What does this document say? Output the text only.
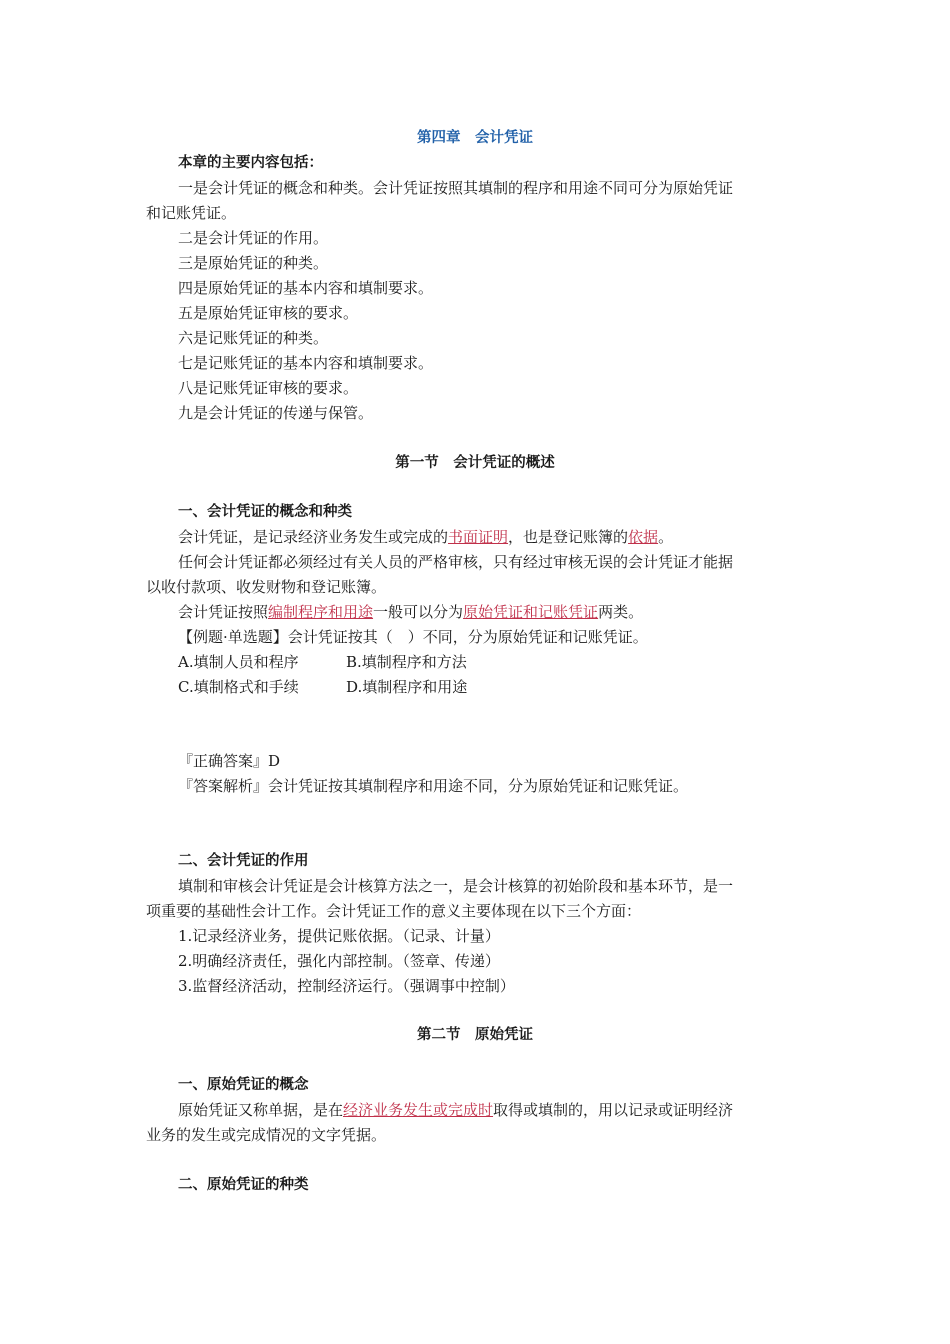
第四章　会计凭证
本章的主要内容包括：
一是会计凭证的概念和种类。会计凭证按照其填制的程序和用途不同可分为原始凭证
和记账凭证。
二是会计凭证的作用。
三是原始凭证的种类。
四是原始凭证的基本内容和填制要求。
五是原始凭证审核的要求。
六是记账凭证的种类。
七是记账凭证的基本内容和填制要求。
八是记账凭证审核的要求。
九是会计凭证的传递与保管。
第一节　会计凭证的概述
一、会计凭证的概念和种类
会计凭证，是记录经济业务发生或完成的书面证明，也是登记账簿的依据。
任何会计凭证都必须经过有关人员的严格审核，只有经过审核无误的会计凭证才能据
以收付款项、收发财物和登记账簿。
会计凭证按照编制程序和用途一般可以分为原始凭证和记账凭证两类。
【例题·单选题】会计凭证按其（　）不同，分为原始凭证和记账凭证。
A.填制人员和程序	B.填制程序和方法
C.填制格式和手续	D.填制程序和用途
『正确答案』D
『答案解析』会计凭证按其填制程序和用途不同，分为原始凭证和记账凭证。
二、会计凭证的作用
填制和审核会计凭证是会计核算方法之一，是会计核算的初始阶段和基本环节，是一
项重要的基础性会计工作。会计凭证工作的意义主要体现在以下三个方面：
1.记录经济业务，提供记账依据。（记录、计量）
2.明确经济责任，强化内部控制。（签章、传递）
3.监督经济活动，控制经济运行。（强调事中控制）
第二节　原始凭证
一、原始凭证的概念
原始凭证又称单据，是在经济业务发生或完成时取得或填制的，用以记录或证明经济
业务的发生或完成情况的文字凭据。
二、原始凭证的种类
